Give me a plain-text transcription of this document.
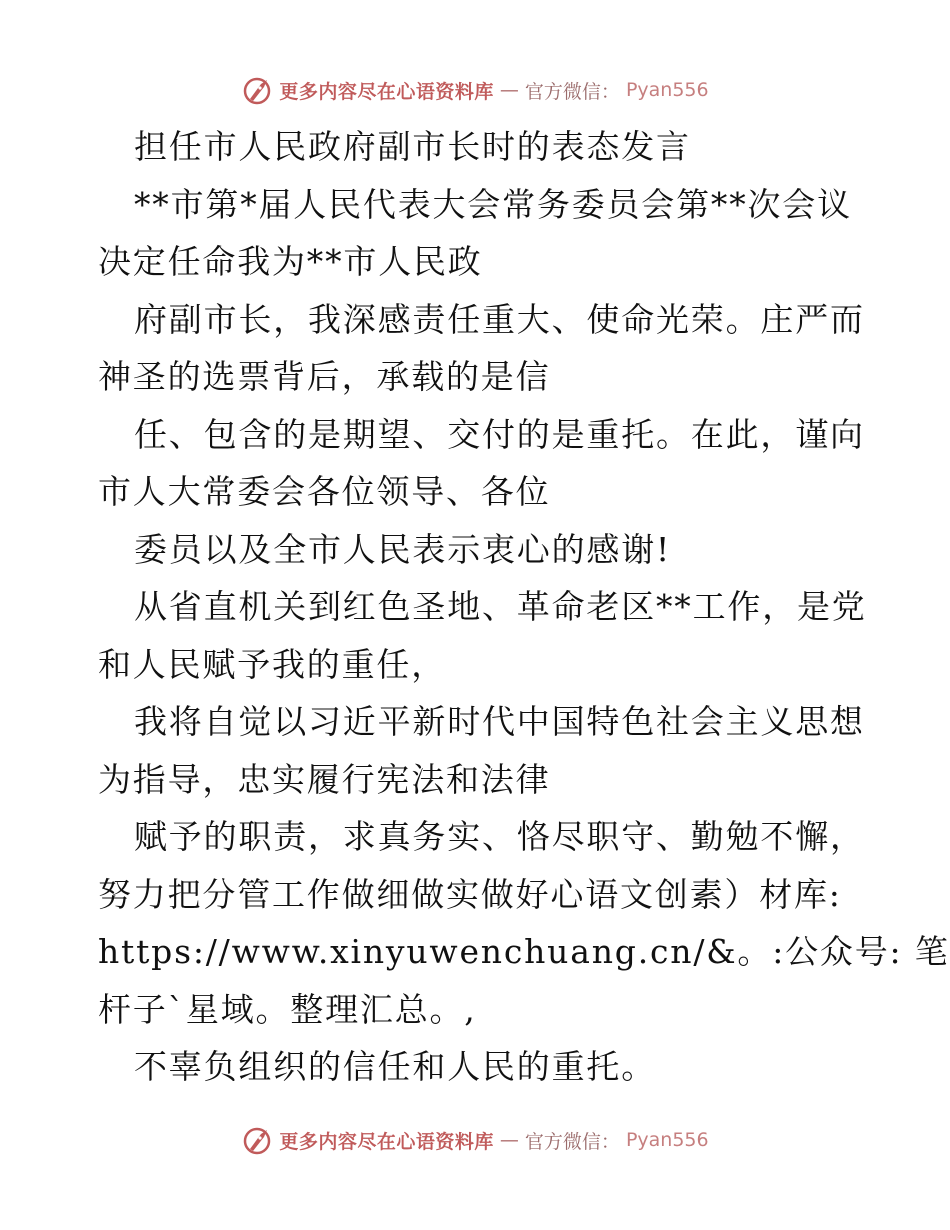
更多内容尽在心语资料库 — 官方微信： Pyan556

担任市人民政府副市长时的表态发言

**市第*届人民代表大会常务委员会第**次会议

决定任命我为**市人民政

府副市长，我深感责任重大、使命光荣。庄严而

神圣的选票背后，承载的是信

任、包含的是期望、交付的是重托。在此，谨向

市人大常委会各位领导、各位

委员以及全市人民表示衷心的感谢!

从省直机关到红色圣地、革命老区**工作，是党

和人民赋予我的重任，

我将自觉以习近平新时代中国特色社会主义思想

为指导，忠实履行宪法和法律

赋予的职责，求真务实、恪尽职守、勤勉不懈，

努力把分管工作做细做实做好心语文创素）材库:

https://www.xinyuwenchuang.cn/&。:公众号: 笔

杆子`星域。整理汇总。,

不辜负组织的信任和人民的重托。

更多内容尽在心语资料库 — 官方微信： Pyan556
